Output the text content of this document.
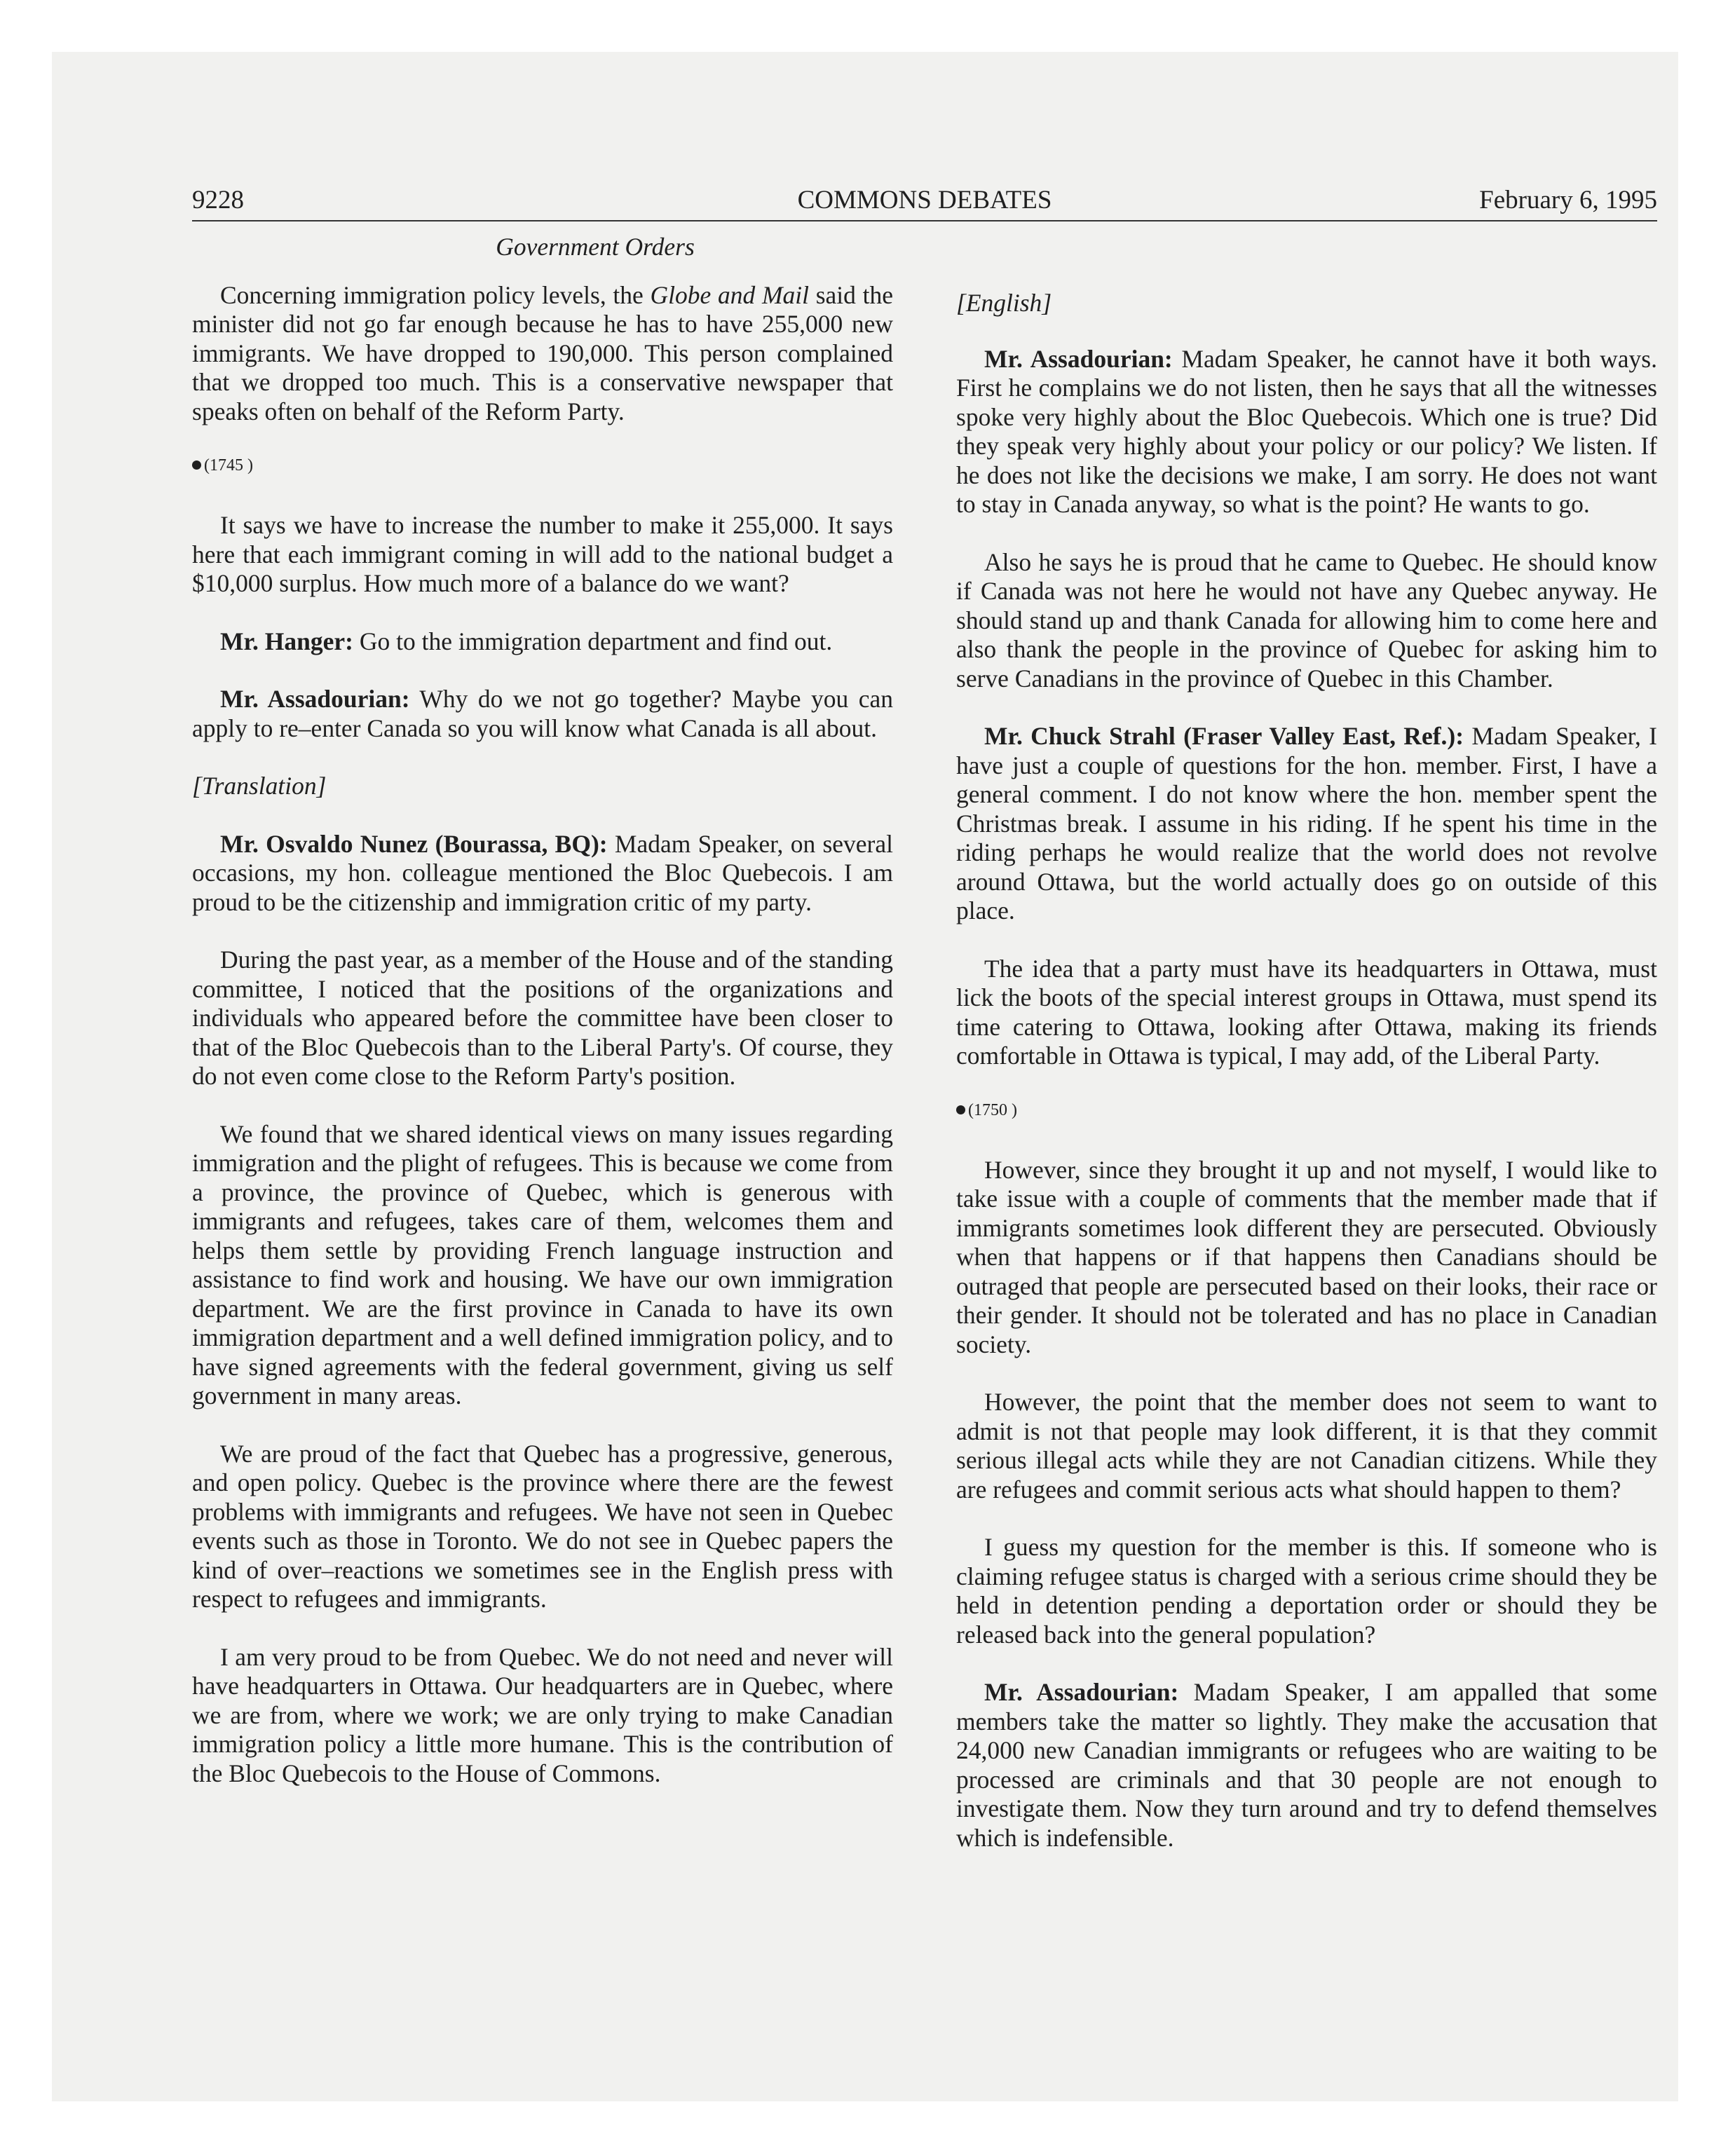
9228	COMMONS DEBATES	February 6, 1995
Government Orders

Concerning immigration policy levels, the Globe and Mail said the minister did not go far enough because he has to have 255,000 new immigrants. We have dropped to 190,000. This person complained that we dropped too much. This is a conservative newspaper that speaks often on behalf of the Reform Party.

(1745 )

It says we have to increase the number to make it 255,000. It says here that each immigrant coming in will add to the national budget a $10,000 surplus. How much more of a balance do we want?

Mr. Hanger: Go to the immigration department and find out.

Mr. Assadourian: Why do we not go together? Maybe you can apply to re–enter Canada so you will know what Canada is all about.

[Translation]

Mr. Osvaldo Nunez (Bourassa, BQ): Madam Speaker, on several occasions, my hon. colleague mentioned the Bloc Quebecois. I am proud to be the citizenship and immigration critic of my party.

During the past year, as a member of the House and of the standing committee, I noticed that the positions of the organizations and individuals who appeared before the committee have been closer to that of the Bloc Quebecois than to the Liberal Party's. Of course, they do not even come close to the Reform Party's position.

We found that we shared identical views on many issues regarding immigration and the plight of refugees. This is because we come from a province, the province of Quebec, which is generous with immigrants and refugees, takes care of them, welcomes them and helps them settle by providing French language instruction and assistance to find work and housing. We have our own immigration department. We are the first province in Canada to have its own immigration department and a well defined immigration policy, and to have signed agreements with the federal government, giving us self government in many areas.

We are proud of the fact that Quebec has a progressive, generous, and open policy. Quebec is the province where there are the fewest problems with immigrants and refugees. We have not seen in Quebec events such as those in Toronto. We do not see in Quebec papers the kind of over–reactions we sometimes see in the English press with respect to refugees and immigrants.

I am very proud to be from Quebec. We do not need and never will have headquarters in Ottawa. Our headquarters are in Quebec, where we are from, where we work; we are only trying to make Canadian immigration policy a little more humane. This is the contribution of the Bloc Quebecois to the House of Commons.

[English]

Mr. Assadourian: Madam Speaker, he cannot have it both ways. First he complains we do not listen, then he says that all the witnesses spoke very highly about the Bloc Quebecois. Which one is true? Did they speak very highly about your policy or our policy? We listen. If he does not like the decisions we make, I am sorry. He does not want to stay in Canada anyway, so what is the point? He wants to go.

Also he says he is proud that he came to Quebec. He should know if Canada was not here he would not have any Quebec anyway. He should stand up and thank Canada for allowing him to come here and also thank the people in the province of Quebec for asking him to serve Canadians in the province of Quebec in this Chamber.

Mr. Chuck Strahl (Fraser Valley East, Ref.): Madam Speaker, I have just a couple of questions for the hon. member. First, I have a general comment. I do not know where the hon. member spent the Christmas break. I assume in his riding. If he spent his time in the riding perhaps he would realize that the world does not revolve around Ottawa, but the world actually does go on outside of this place.

The idea that a party must have its headquarters in Ottawa, must lick the boots of the special interest groups in Ottawa, must spend its time catering to Ottawa, looking after Ottawa, making its friends comfortable in Ottawa is typical, I may add, of the Liberal Party.

(1750 )

However, since they brought it up and not myself, I would like to take issue with a couple of comments that the member made that if immigrants sometimes look different they are persecuted. Obviously when that happens or if that happens then Canadians should be outraged that people are persecuted based on their looks, their race or their gender. It should not be tolerated and has no place in Canadian society.

However, the point that the member does not seem to want to admit is not that people may look different, it is that they commit serious illegal acts while they are not Canadian citizens. While they are refugees and commit serious acts what should happen to them?

I guess my question for the member is this. If someone who is claiming refugee status is charged with a serious crime should they be held in detention pending a deportation order or should they be released back into the general population?

Mr. Assadourian: Madam Speaker, I am appalled that some members take the matter so lightly. They make the accusation that 24,000 new Canadian immigrants or refugees who are waiting to be processed are criminals and that 30 people are not enough to investigate them. Now they turn around and try to defend themselves which is indefensible.
